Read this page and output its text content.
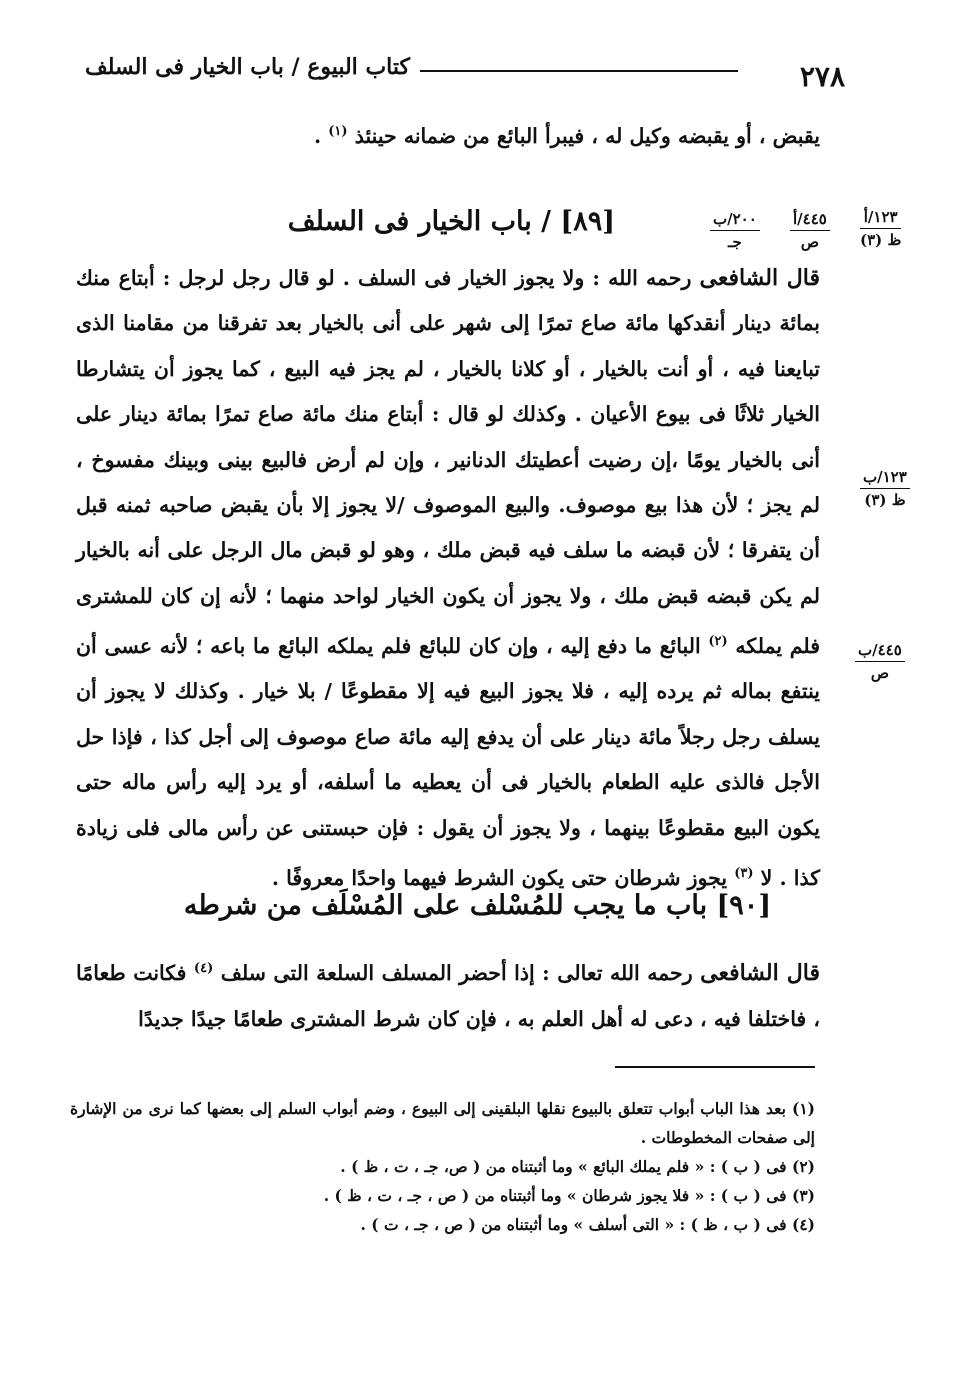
٢٧٨
كتاب البيوع / باب الخيار فى السلف
يقبض ، أو يقبضه وكيل له ، فيبرأ البائع من ضمانه حينئذ $^{(١)}$ .
[٨٩] / باب الخيار فى السلف	١٢٣/أ
ظ (٣)
٤٤٥/أ
ص
٢٠٠/ب
جـ
١٢٣/ب
ظ (٣)
٤٤٥/ب
ص
قال الشافعى رحمه الله : ولا يجوز الخيار فى السلف . لو قال رجل لرجل : أبتاع منك بمائة دينار أنقدكها مائة صاع تمرًا إلى شهر على أنى بالخيار بعد تفرقنا من مقامنا الذى تبايعنا فيه ، أو أنت بالخيار ، أو كلانا بالخيار ، لم يجز فيه البيع ، كما يجوز أن يتشارطا الخيار ثلاثًا فى بيوع الأعيان . وكذلك لو قال : أبتاع منك مائة صاع تمرًا بمائة دينار على أنى بالخيار يومًا ،إن رضيت أعطيتك الدنانير ، وإن لم أرض فالبيع بينى وبينك مفسوخ ، لم يجز ؛ لأن هذا بيع موصوف. والبيع الموصوف /لا يجوز إلا بأن يقبض صاحبه ثمنه قبل أن يتفرقا ؛ لأن قبضه ما سلف فيه قبض ملك ، وهو لو قبض مال الرجل على أنه بالخيار لم يكن قبضه قبض ملك ، ولا يجوز أن يكون الخيار لواحد منهما ؛ لأنه إن كان للمشترى فلم يملكه $^{(٢)}$ البائع ما دفع إليه ، وإن كان للبائع فلم يملكه البائع ما باعه ؛ لأنه عسى أن ينتفع بماله ثم يرده إليه ، فلا يجوز البيع فيه إلا مقطوعًا / بلا خيار . وكذلك لا يجوز أن يسلف رجل رجلاً مائة دينار على أن يدفع إليه مائة صاع موصوف إلى أجل كذا ، فإذا حل الأجل فالذى عليه الطعام بالخيار فى أن يعطيه ما أسلفه، أو يرد إليه رأس ماله حتى يكون البيع مقطوعًا بينهما ، ولا يجوز أن يقول : فإن حبستنى عن رأس مالى فلى زيادة كذا . لا $^{(٣)}$ يجوز شرطان حتى يكون الشرط فيهما واحدًا معروفًا .
[٩٠] باب ما يجب للمُسْلف على المُسْلَف من شرطه
قال الشافعى رحمه الله تعالى : إذا أحضر المسلف السلعة التى سلف $^{(٤)}$ فكانت طعامًا ، فاختلفا فيه ، دعى له أهل العلم به ، فإن كان شرط المشترى طعامًا جيدًا جديدًا

(١) بعد هذا الباب أبواب تتعلق بالبيوع نقلها البلقينى إلى البيوع ، وضم أبواب السلم إلى بعضها كما نرى من الإشارة إلى صفحات المخطوطات .

(٢) فى ( ب ) : « فلم يملك البائع » وما أثبتناه من ( ص، جـ ، ت ، ظ ) .

(٣) فى ( ب ) : « فلا يجوز شرطان » وما أثبتناه من ( ص ، جـ ، ت ، ظ ) .

(٤) فى ( ب ، ظ ) : « التى أسلف » وما أثبتناه من ( ص ، جـ ، ت ) .
